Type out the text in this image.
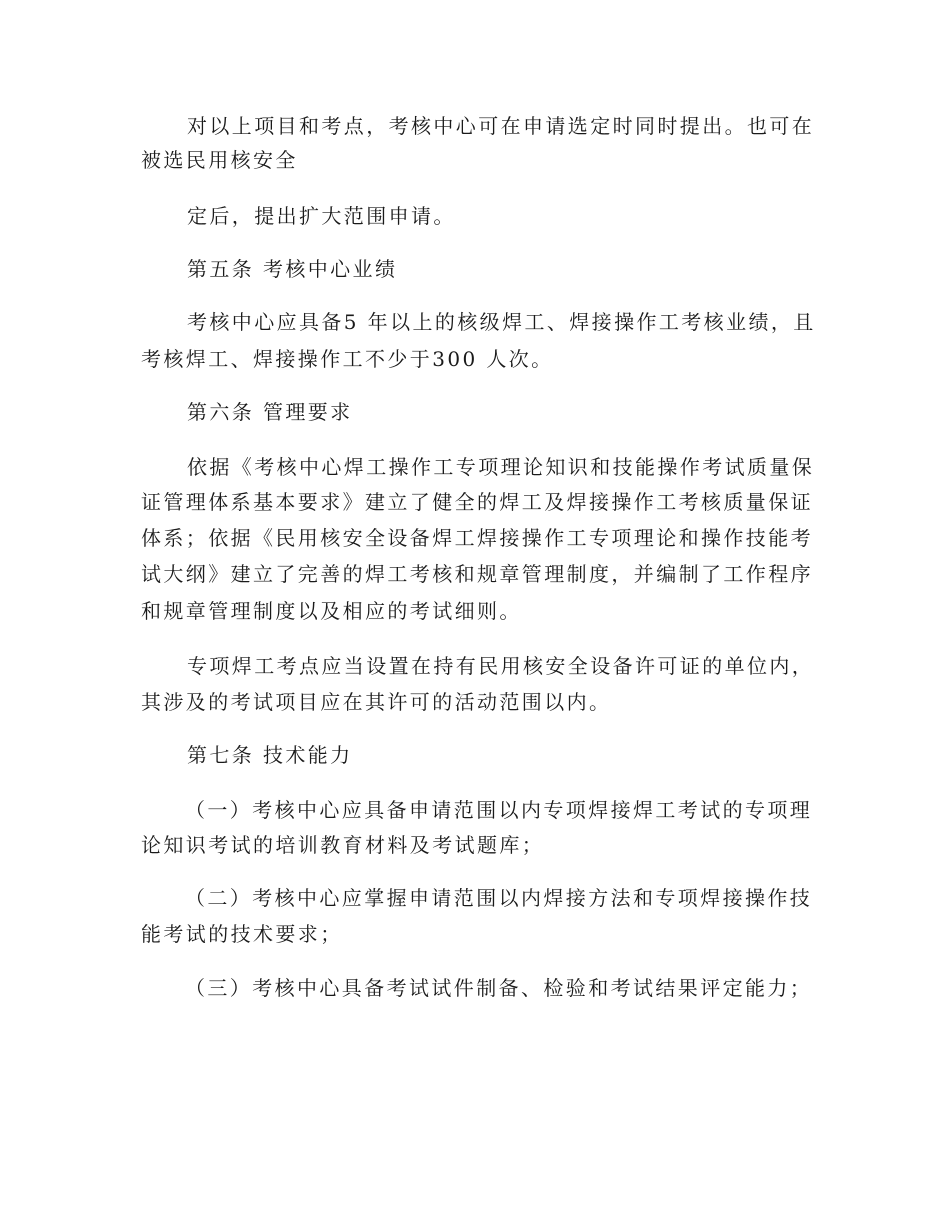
对以上项目和考点，考核中心可在申请选定时同时提出。也可在

被选民用核安全

定后，提出扩大范围申请。

第五条 考核中心业绩

考核中心应具备5 年以上的核级焊工、焊接操作工考核业绩，且

考核焊工、焊接操作工不少于300 人次。

第六条 管理要求

依据《考核中心焊工操作工专项理论知识和技能操作考试质量保

证管理体系基本要求》建立了健全的焊工及焊接操作工考核质量保证

体系；依据《民用核安全设备焊工焊接操作工专项理论和操作技能考

试大纲》建立了完善的焊工考核和规章管理制度，并编制了工作程序

和规章管理制度以及相应的考试细则。

专项焊工考点应当设置在持有民用核安全设备许可证的单位内，

其涉及的考试项目应在其许可的活动范围以内。

第七条 技术能力

（一）考核中心应具备申请范围以内专项焊接焊工考试的专项理

论知识考试的培训教育材料及考试题库；

（二）考核中心应掌握申请范围以内焊接方法和专项焊接操作技

能考试的技术要求；

（三）考核中心具备考试试件制备、检验和考试结果评定能力；
